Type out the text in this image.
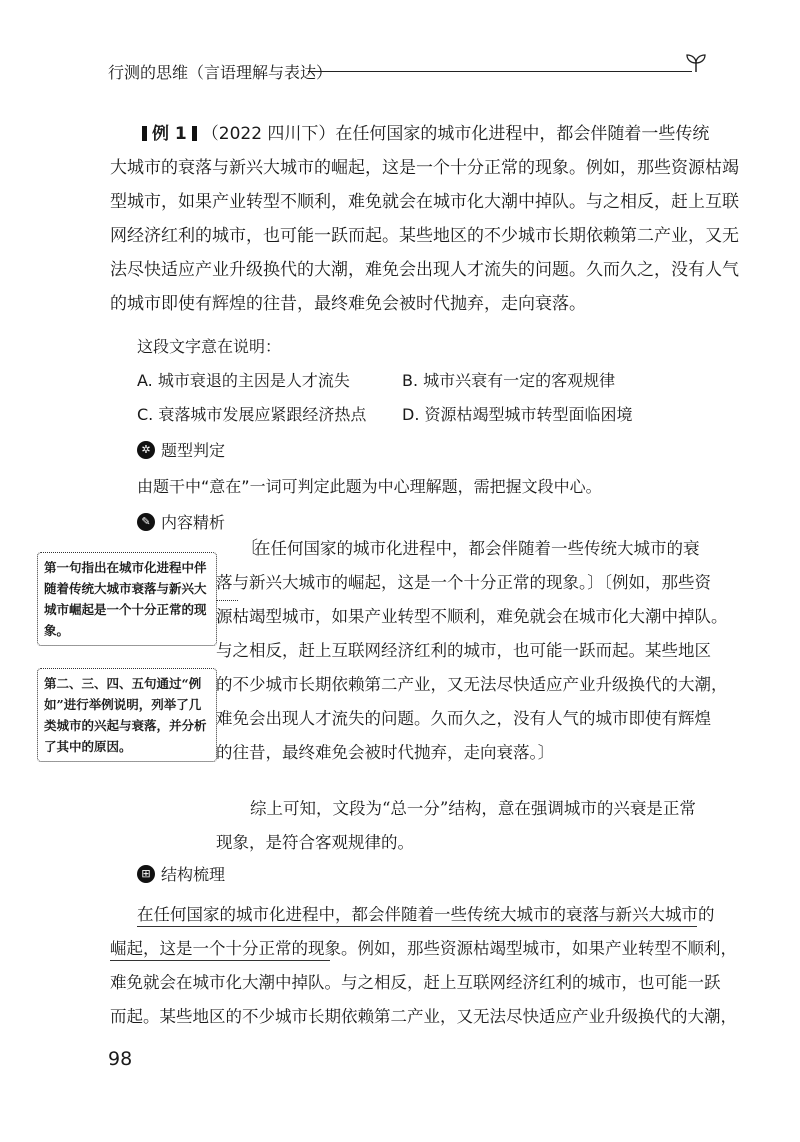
行测的思维（言语理解与表达）
例 1 （2022 四川下）在任何国家的城市化进程中，都会伴随着一些传统
大城市的衰落与新兴大城市的崛起，这是一个十分正常的现象。例如，那些资源枯竭
型城市，如果产业转型不顺利，难免就会在城市化大潮中掉队。与之相反，赶上互联
网经济红利的城市，也可能一跃而起。某些地区的不少城市长期依赖第二产业，又无
法尽快适应产业升级换代的大潮，难免会出现人才流失的问题。久而久之，没有人气
的城市即使有辉煌的往昔，最终难免会被时代抛弃，走向衰落。
这段文字意在说明：
A. 城市衰退的主因是人才流失	B. 城市兴衰有一定的客观规律
C. 衰落城市发展应紧跟经济热点 D. 资源枯竭型城市转型面临困境
✲ 题型判定
由题干中“意在”一词可判定此题为中心理解题，需把握文段中心。
✎ 内容精析
〔
在任何国家的城市化进程中，都会伴随着一些传统大城市的衰
落与新兴大城市的崛起，这是一个十分正常的现象。〕〔例如，那些资
源枯竭型城市，如果产业转型不顺利，难免就会在城市化大潮中掉队。
与之相反，赶上互联网经济红利的城市，也可能一跃而起。某些地区
的不少城市长期依赖第二产业，又无法尽快适应产业升级换代的大潮，
难免会出现人才流失的问题。久而久之，没有人气的城市即使有辉煌
的往昔，最终难免会被时代抛弃，走向衰落。〕
第一句指出在城市化进程中伴随着传统大城市衰落与新兴大城市崛起是一个十分正常的现象。
第二、三、四、五句通过“例如”进行举例说明，列举了几类城市的兴起与衰落，并分析了其中的原因。
综上可知，文段为“总一分”结构，意在强调城市的兴衰是正常
现象，是符合客观规律的。
⊞ 结构梳理
在任何国家的城市化进程中，都会伴随着一些传统大城市的衰落与新兴大城市的
崛起，这是一个十分正常的现象。例如，那些资源枯竭型城市，如果产业转型不顺利，
难免就会在城市化大潮中掉队。与之相反，赶上互联网经济红利的城市，也可能一跃
而起。某些地区的不少城市长期依赖第二产业，又无法尽快适应产业升级换代的大潮，
98
